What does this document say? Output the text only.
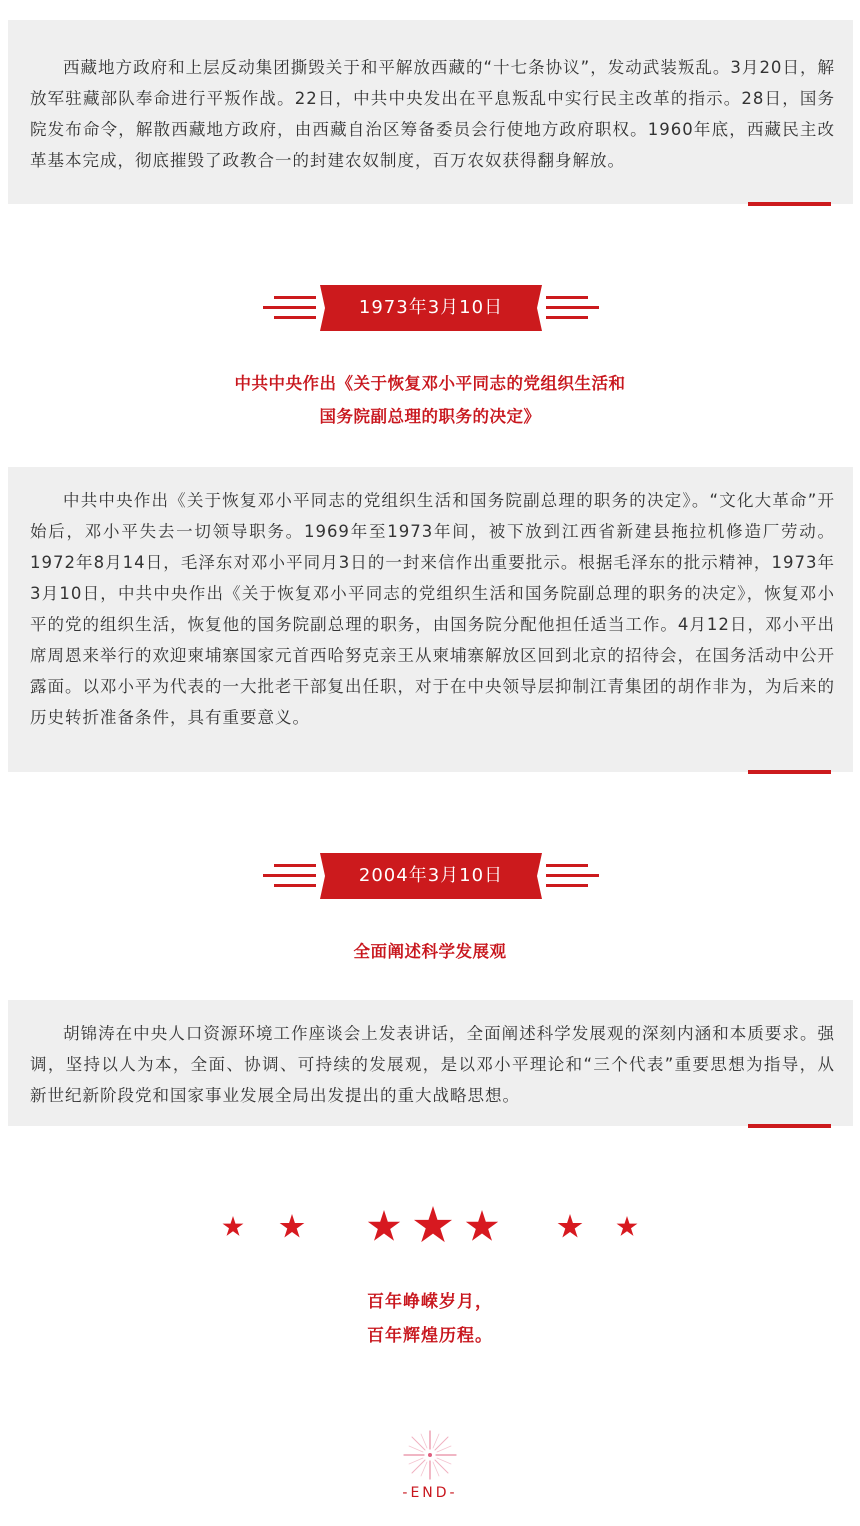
西藏地方政府和上层反动集团撕毁关于和平解放西藏的“十七条协议”，发动武装叛乱。3月20日，解放军驻藏部队奉命进行平叛作战。22日，中共中央发出在平息叛乱中实行民主改革的指示。28日，国务院发布命令，解散西藏地方政府，由西藏自治区筹备委员会行使地方政府职权。1960年底，西藏民主改革基本完成，彻底摧毁了政教合一的封建农奴制度，百万农奴获得翻身解放。

1973年3月10日
中共中央作出《关于恢复邓小平同志的党组织生活和
国务院副总理的职务的决定》

中共中央作出《关于恢复邓小平同志的党组织生活和国务院副总理的职务的决定》。“文化大革命”开始后，邓小平失去一切领导职务。1969年至1973年间，被下放到江西省新建县拖拉机修造厂劳动。1972年8月14日，毛泽东对邓小平同月3日的一封来信作出重要批示。根据毛泽东的批示精神，1973年3月10日，中共中央作出《关于恢复邓小平同志的党组织生活和国务院副总理的职务的决定》，恢复邓小平的党的组织生活，恢复他的国务院副总理的职务，由国务院分配他担任适当工作。4月12日，邓小平出席周恩来举行的欢迎柬埔寨国家元首西哈努克亲王从柬埔寨解放区回到北京的招待会，在国务活动中公开露面。以邓小平为代表的一大批老干部复出任职，对于在中央领导层抑制江青集团的胡作非为，为后来的历史转折准备条件，具有重要意义。

2004年3月10日
全面阐述科学发展观

胡锦涛在中央人口资源环境工作座谈会上发表讲话，全面阐述科学发展观的深刻内涵和本质要求。强调，坚持以人为本，全面、协调、可持续的发展观，是以邓小平理论和“三个代表”重要思想为指导，从新世纪新阶段党和国家事业发展全局出发提出的重大战略思想。

百年峥嵘岁月，
百年辉煌历程。
-END-
